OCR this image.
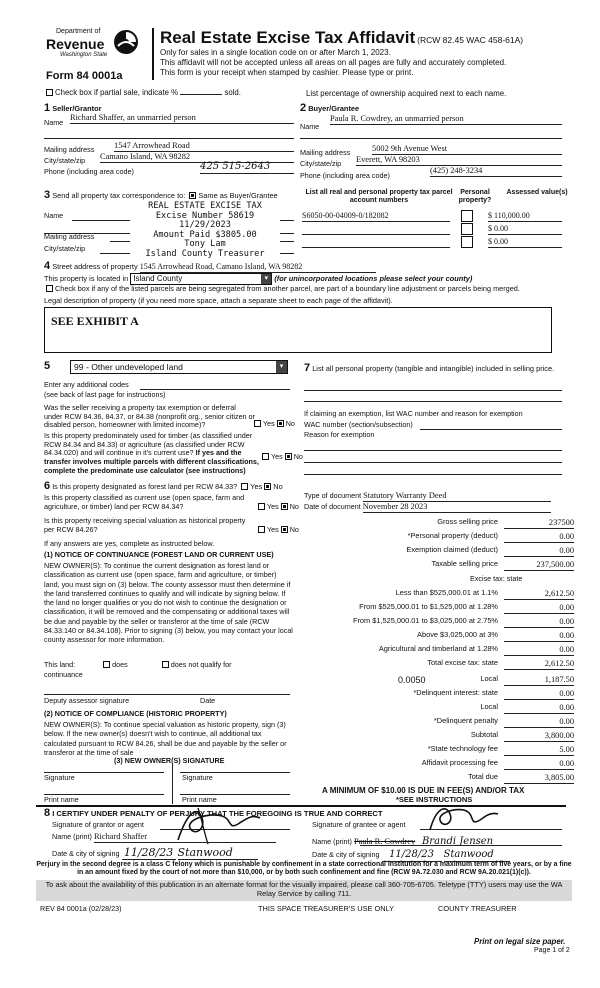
Department of
Revenue
Washington State
Form 84 0001a
Real Estate Excise Tax Affidavit (RCW 82.45 WAC 458-61A)
Only for sales in a single location code on or after March 1, 2023.
This affidavit will not be accepted unless all areas on all pages are fully and accurately completed.
This form is your receipt when stamped by cashier. Please type or print.
Check box if partial sale, indicate %	sold.	List percentage of ownership acquired next to each name.
1 Seller/Grantor
Name
Richard Shaffer, an unmarried person
Mailing address 1547 Arrowhead Road
City/state/zip Camano Island, WA 98282
Phone (including area code)	425 515-2643
2 Buyer/Grantee
Name
Paula R. Cowdrey, an unmarried person
Mailing address	5002 9th Avenue West
City/state/zip Everett, WA 98203
Phone (including area code)
(425) 248-3234
3 Send all property tax correspondence to: Same as Buyer/Grantee
Name
Mailing address
City/state/zip
REAL ESTATE EXCISE TAX
Excise Number 58619
11/29/2023
Amount Paid $3805.00
Tony Lam
Island County Treasurer
List all real and personal property tax parcel account numbers
Personal property?
Assessed value(s)
S6050-00-04009-0/182082	$ 110,000.00
$ 0.00
$ 0.00
4 Street address of property 1545 Arrowhead Road, Camano Island, WA 98282
This property is located in Island County	▾ (for unincorporated locations please select your county)
Check box if any of the listed parcels are being segregated from another parcel, are part of a boundary line adjustment or parcels being merged.
Legal description of property (if you need more space, attach a separate sheet to each page of the affidavit).
SEE EXHIBIT A
5	99 - Other undeveloped land	▾
Enter any additional codes
(see back of last page for instructions)
Was the seller receiving a property tax exemption or deferral under RCW 84.36, 84.37, or 84.38 (nonprofit org., senior citizen or disabled person, homeowner with limited income)?	Yes No
Is this property predominately used for timber (as classified under RCW 84.34 and 84.33) or agriculture (as classified under RCW 84.34.020) and will continue in it's current use? If yes and the transfer involves multiple parcels with different classifications, complete the predominate use calculator (see instructions)
Yes No
7 List all personal property (tangible and intangible) included in selling price.
If claiming an exemption, list WAC number and reason for exemption
WAC number (section/subsection)
Reason for exemption
6 Is this property designated as forest land per RCW 84.33? Yes No
Is this property classified as current use (open space, farm and agriculture, or timber) land per RCW 84.34?	Yes No
Is this property receiving special valuation as historical property per RCW 84.26?	Yes No
If any answers are yes, complete as instructed below.
(1) NOTICE OF CONTINUANCE (FOREST LAND OR CURRENT USE)
NEW OWNER(S): To continue the current designation as forest land or classification as current use (open space, farm and agriculture, or timber) land, you must sign on (3) below. The county assessor must then determine if the land transferred continues to qualify and will indicate by signing below. If the land no longer qualifies or you do not wish to continue the designation or classification, it will be removed and the compensating or additional taxes will be due and payable by the seller or transferor at the time of sale (RCW 84.33.140 or 84.34.108). Prior to signing (3) below, you may contact your local county assessor for more information.
This land:	does	does not qualify for
continuance
Deputy assessor signature	Date
(2) NOTICE OF COMPLIANCE (HISTORIC PROPERTY)
NEW OWNER(S): To continue special valuation as historic property, sign (3) below. If the new owner(s) doesn't wish to continue, all additional tax calculated pursuant to RCW 84.26, shall be due and payable by the seller or transferor at the time of sale
(3) NEW OWNER(S) SIGNATURE
Signature	Signature
Print name	Print name
Type of document Statutory Warranty Deed
Date of document November 28 2023
Gross selling price	237500
*Personal property (deduct)	0.00
Exemption claimed (deduct)	0.00
Taxable selling price	237,500.00
Excise tax: state
Less than $525,000.01 at 1.1%	2,612.50
From $525,000.01 to $1,525,000 at 1.28%	0.00
From $1,525,000.01 to $3,025,000 at 2.75%	0.00
Above $3,025,000 at 3%	0.00
Agricultural and timberland at 1.28%	0.00
Total excise tax: state	2,612.50
0.0050	Local	1,187.50
*Delinquent interest: state	0.00
Local	0.00
*Delinquent penalty	0.00
Subtotal	3,800.00
*State technology fee	5.00
Affidavit processing fee	0.00
Total due	3,805.00
A MINIMUM OF $10.00 IS DUE IN FEE(S) AND/OR TAX
*SEE INSTRUCTIONS
8 I CERTIFY UNDER PENALTY OF PERJURY THAT THE FOREGOING IS TRUE AND CORRECT
Signature of grantor or agent
Name (print) Richard Shaffer
Date & city of signing 11/28/23 Stanwood
Signature of grantee or agent
Name (print) Paula R. Cowdrey Brandi Jensen
Date & city of signing 11/28/23 Stanwood
Perjury in the second degree is a class C felony which is punishable by confinement in a state correctional institution for a maximum term of five years, or by a fine in an amount fixed by the court of not more than $10,000, or by both such confinement and fine (RCW 9A.72.030 and RCW 9A.20.021(1)(c)).
To ask about the availability of this publication in an alternate format for the visually impaired, please call 360-705-6705. Teletype (TTY) users may use the WA Relay Service by calling 711.
REV 84 0001a (02/28/23)	THIS SPACE TREASURER'S USE ONLY	COUNTY TREASURER
Print on legal size paper.
Page 1 of 2
